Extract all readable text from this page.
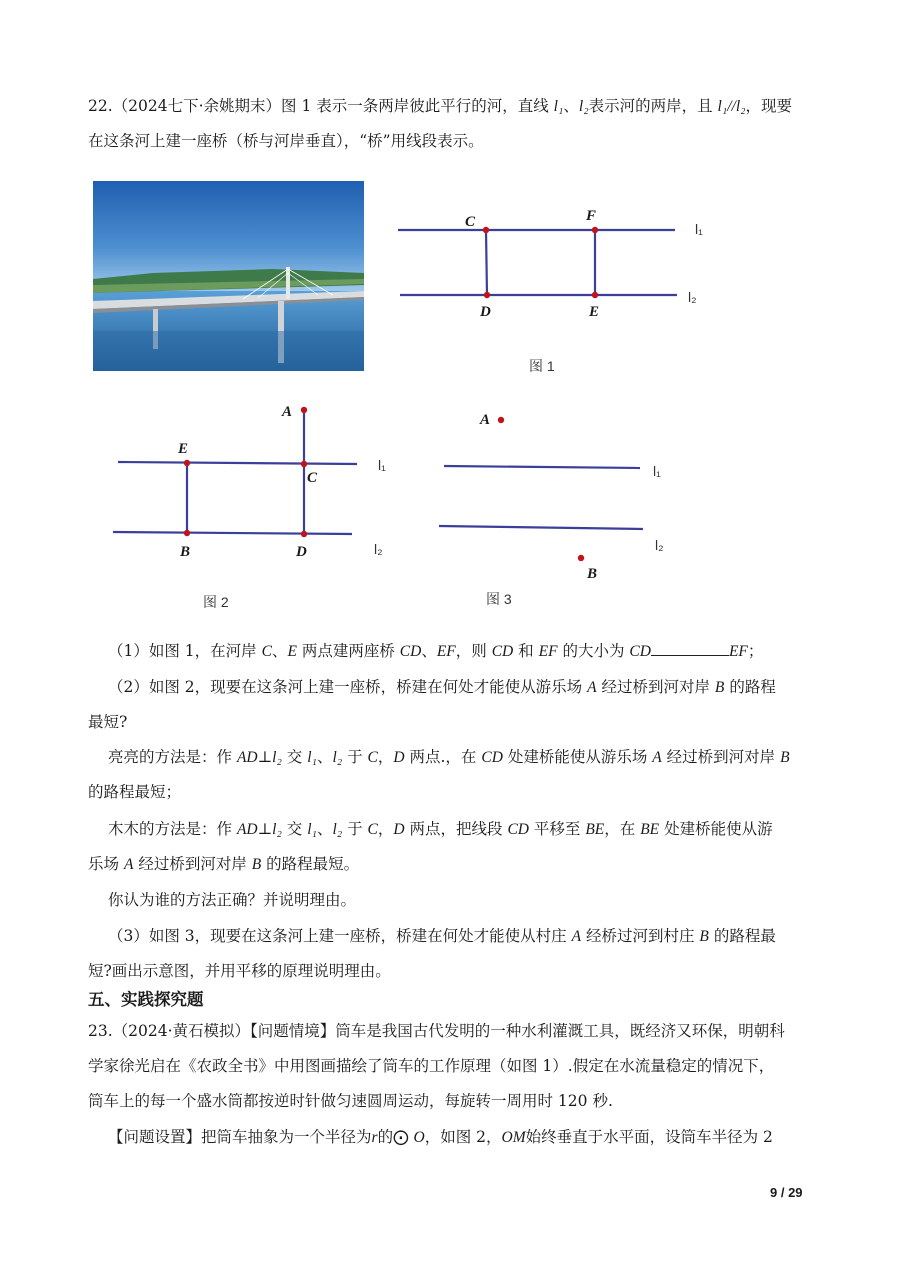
22.（2024七下·余姚期末）图 1 表示一条两岸彼此平行的河，直线 l₁、l₂表示河的两岸，且 l₁//l₂，现要
在这条河上建一座桥（桥与河岸垂直），“桥”用线段表示。
C	F
D	E
l₁
l₂
图 1
A
E
C
B	D
l₁
l₂
图 2
A
B
l₁
l₂
图 3
（1）如图 1，在河岸 C、E 两点建两座桥 CD、EF，则 CD 和 EF 的大小为 CD	EF；
（2）如图 2，现要在这条河上建一座桥，桥建在何处才能使从游乐场 A 经过桥到河对岸 B 的路程
最短?
亮亮的方法是：作 AD⊥l₂ 交 l₁、l₂ 于 C，D 两点.，在 CD 处建桥能使从游乐场 A 经过桥到河对岸 B
的路程最短；
木木的方法是：作 AD⊥l₂ 交 l₁、l₂ 于 C，D 两点，把线段 CD 平移至 BE，在 BE 处建桥能使从游
乐场 A 经过桥到河对岸 B 的路程最短。
你认为谁的方法正确？并说明理由。
（3）如图 3，现要在这条河上建一座桥，桥建在何处才能使从村庄 A 经桥过河到村庄 B 的路程最
短?画出示意图，并用平移的原理说明理由。
五、实践探究题
23.（2024·黄石模拟）【问题情境】筒车是我国古代发明的一种水利灌溉工具，既经济又环保，明朝科
学家徐光启在《农政全书》中用图画描绘了筒车的工作原理（如图 1）.假定在水流量稳定的情况下，
筒车上的每一个盛水筒都按逆时针做匀速圆周运动，每旋转一周用时 120 秒.
【问题设置】把筒车抽象为一个半径为r的⨀ O，如图 2，OM始终垂直于水平面，设筒车半径为 2
9 / 29
